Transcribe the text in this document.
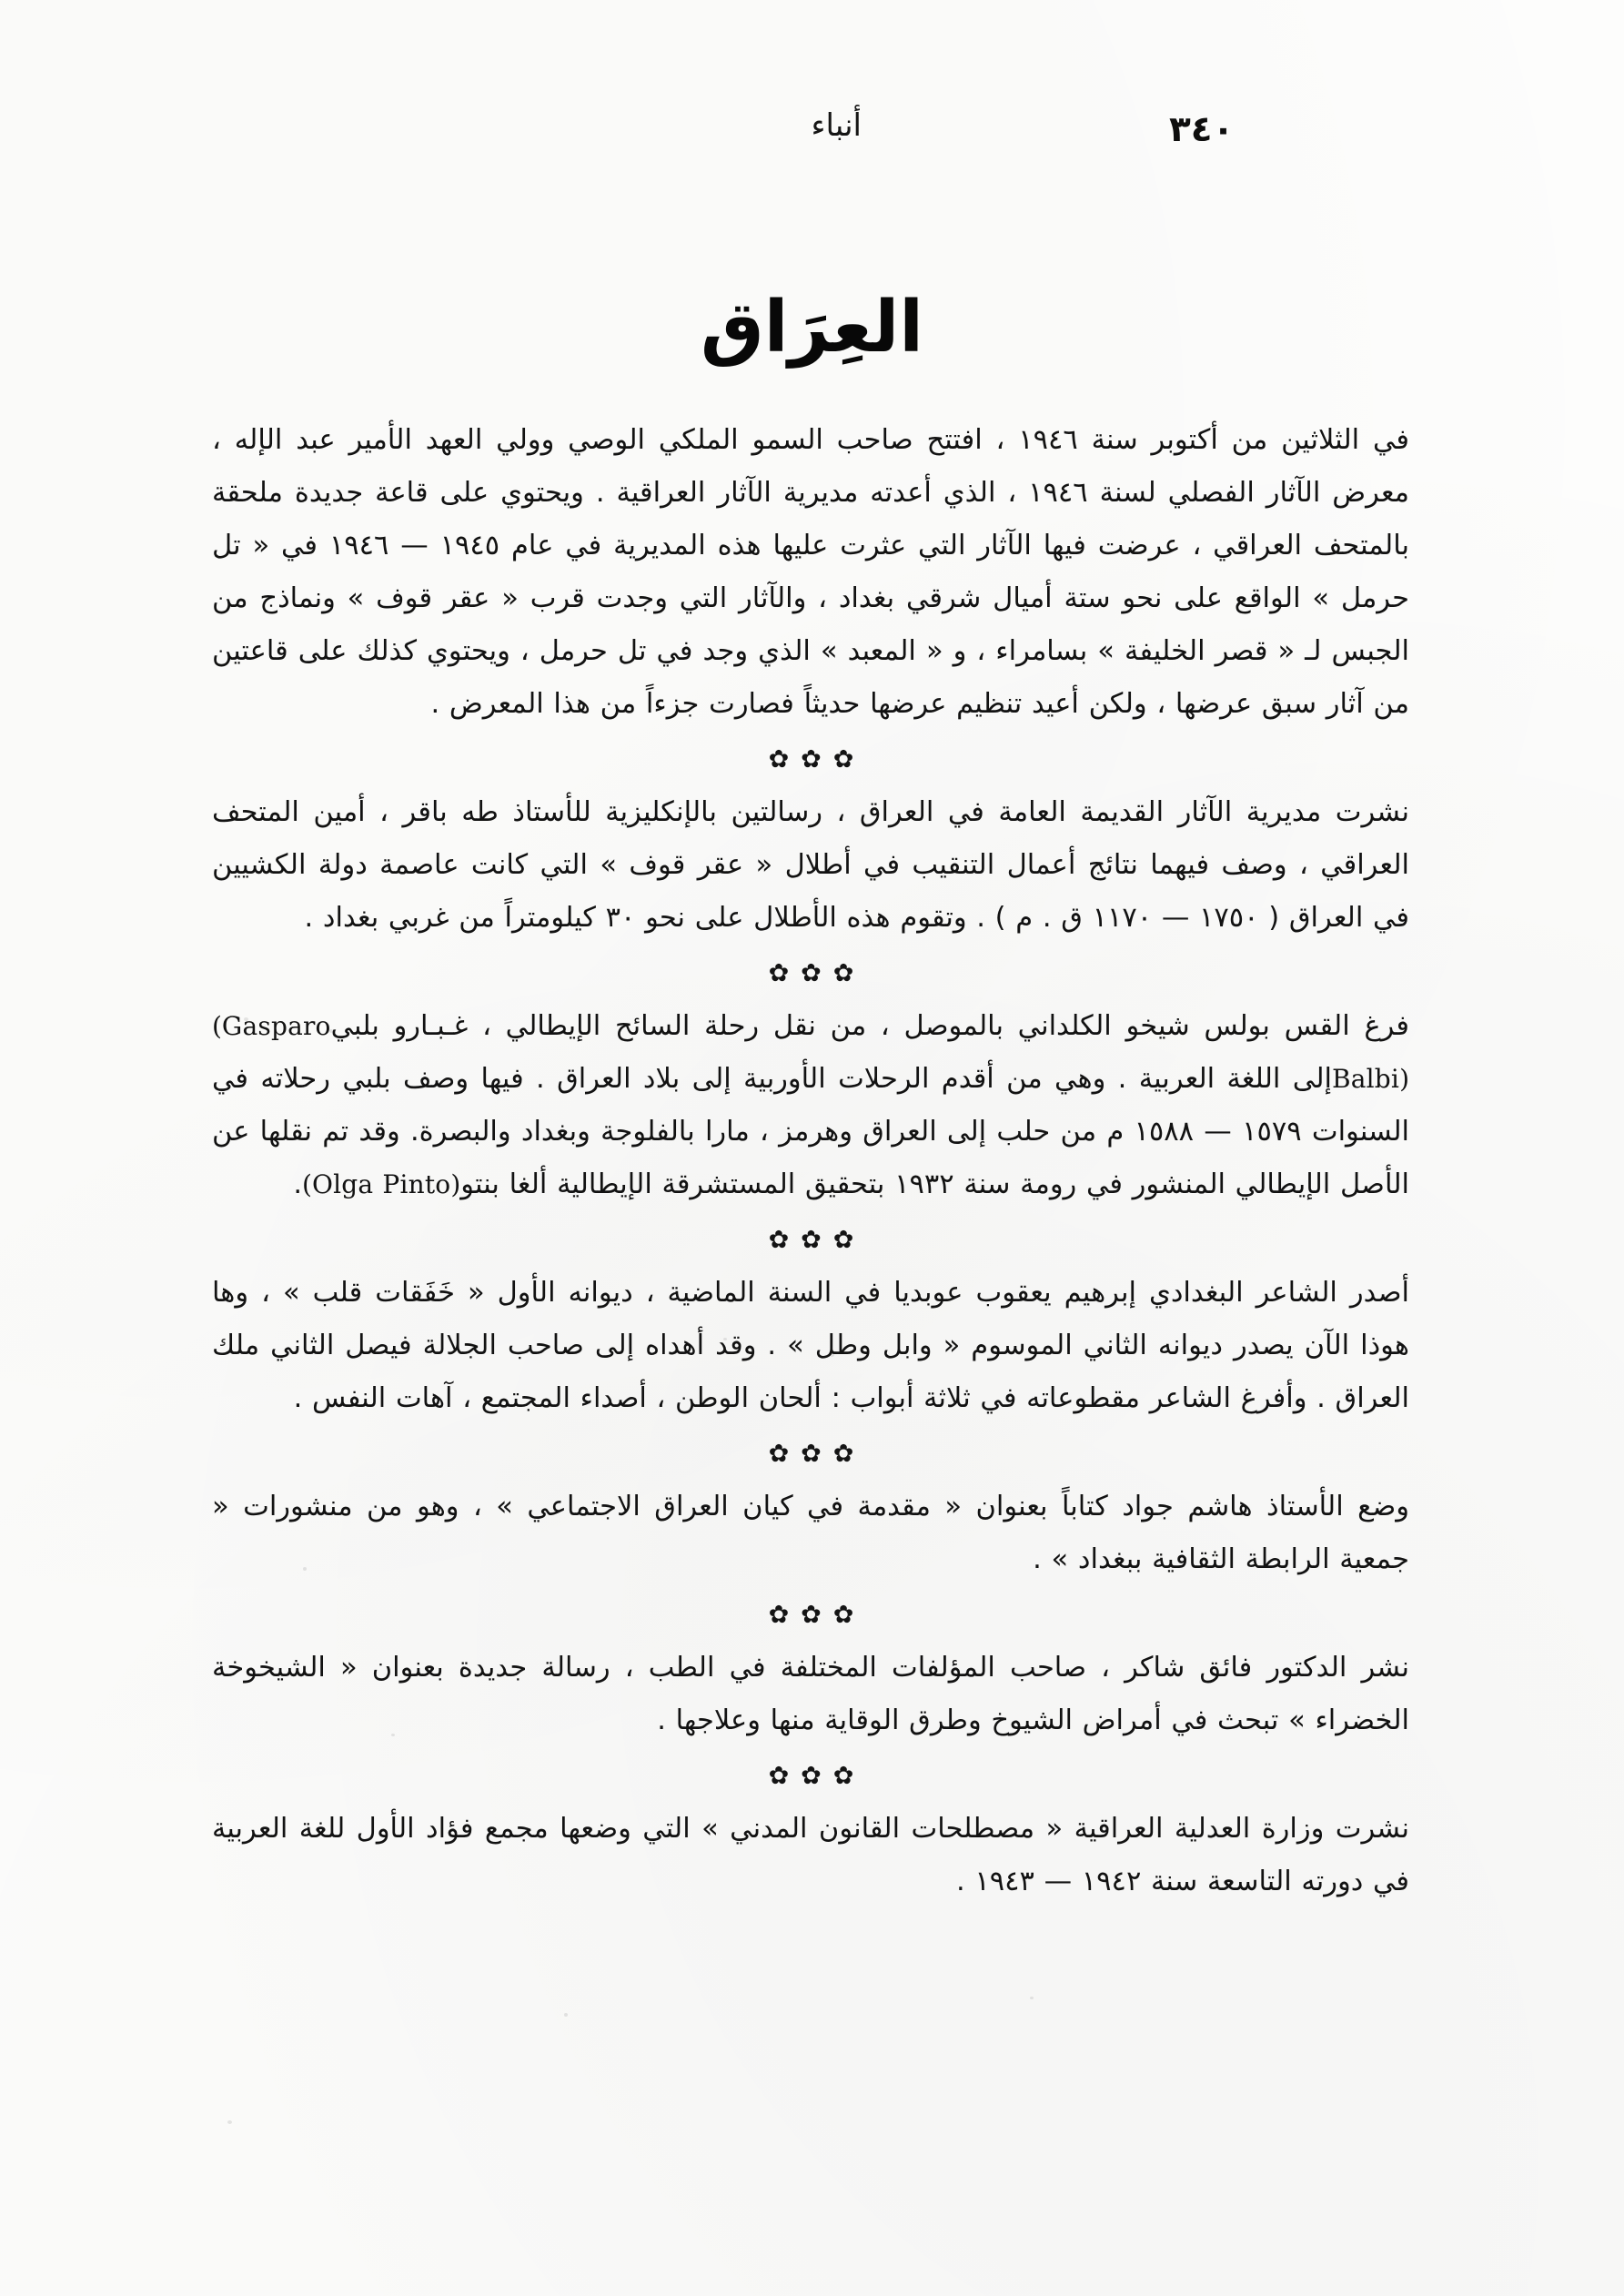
أنباء	٣٤٠
العِرَاق

في الثلاثين من أكتوبر سنة ١٩٤٦ ، افتتح صاحب السمو الملكي الوصي وولي العهد الأمير عبد الإله ، معرض الآثار الفصلي لسنة ١٩٤٦ ، الذي أعدته مديرية الآثار العراقية . ويحتوي على قاعة جديدة ملحقة بالمتحف العراقي ، عرضت فيها الآثار التي عثرت عليها هذه المديرية في عام ١٩٤٥ — ١٩٤٦ في « تل حرمل » الواقع على نحو ستة أميال شرقي بغداد ، والآثار التي وجدت قرب « عقر قوف » ونماذج من الجبس لـ « قصر الخليفة » بسامراء ، و « المعبد » الذي وجد في تل حرمل ، ويحتوي كذلك على قاعتين من آثار سبق عرضها ، ولكن أعيد تنظيم عرضها حديثاً فصارت جزءاً من هذا المعرض .

✿✿✿

نشرت مديرية الآثار القديمة العامة في العراق ، رسالتين بالإنكليزية للأستاذ طه باقر ، أمين المتحف العراقي ، وصف فيهما نتائج أعمال التنقيب في أطلال « عقر قوف » التي كانت عاصمة دولة الكشيين في العراق ( ١٧٥٠ — ١١٧٠ ق . م ) . وتقوم هذه الأطلال على نحو ٣٠ كيلومتراً من غربي بغداد .

✿✿✿

فرغ القس بولس شيخو الكلداني بالموصل ، من نقل رحلة السائح الإيطالي ، غـبـارو بلبي(Gasparo Balbi)إلى اللغة العربية . وهي من أقدم الرحلات الأوربية إلى بلاد العراق . فيها وصف بلبي رحلاته في السنوات ١٥٧٩ — ١٥٨٨ م من حلب إلى العراق وهرمز ، مارا بالفلوجة وبغداد والبصرة. وقد تم نقلها عن الأصل الإيطالي المنشور في رومة سنة ١٩٣٢ بتحقيق المستشرقة الإيطالية ألغا بنتو(Olga Pinto).

✿✿✿

أصدر الشاعر البغدادي إبرهيم يعقوب عوبديا في السنة الماضية ، ديوانه الأول « خَفَقات قلب » ، وها هوذا الآن يصدر ديوانه الثاني الموسوم « وابل وطل » . وقد أهداه إلى صاحب الجلالة فيصل الثاني ملك العراق . وأفرغ الشاعر مقطوعاته في ثلاثة أبواب : ألحان الوطن ، أصداء المجتمع ، آهات النفس .

✿✿✿

وضع الأستاذ هاشم جواد كتاباً بعنوان « مقدمة في كيان العراق الاجتماعي » ، وهو من منشورات « جمعية الرابطة الثقافية ببغداد » .

✿✿✿

نشر الدكتور فائق شاكر ، صاحب المؤلفات المختلفة في الطب ، رسالة جديدة بعنوان « الشيخوخة الخضراء » تبحث في أمراض الشيوخ وطرق الوقاية منها وعلاجها .

✿✿✿

نشرت وزارة العدلية العراقية « مصطلحات القانون المدني » التي وضعها مجمع فؤاد الأول للغة العربية في دورته التاسعة سنة ١٩٤٢ — ١٩٤٣ .
